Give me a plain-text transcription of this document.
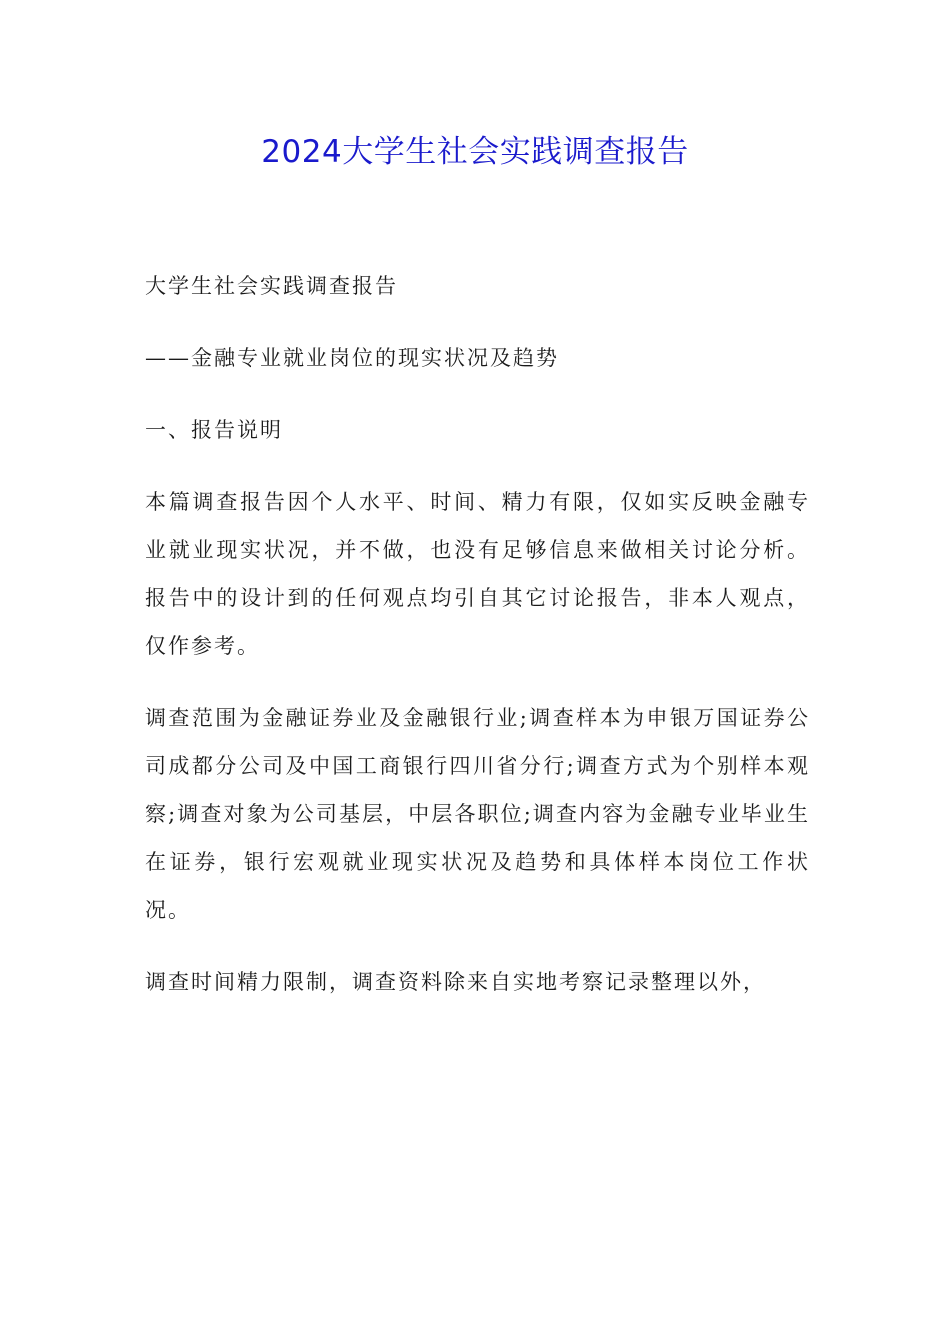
2024大学生社会实践调查报告

大学生社会实践调查报告

——金融专业就业岗位的现实状况及趋势

一、报告说明

本篇调查报告因个人水平、时间、精力有限，仅如实反映金融专业就业现实状况，并不做，也没有足够信息来做相关讨论分析。报告中的设计到的任何观点均引自其它讨论报告，非本人观点，仅作参考。

调查范围为金融证券业及金融银行业;调查样本为申银万国证券公司成都分公司及中国工商银行四川省分行;调查方式为个别样本观察;调查对象为公司基层，中层各职位;调查内容为金融专业毕业生在证券，银行宏观就业现实状况及趋势和具体样本岗位工作状况。

调查时间精力限制，调查资料除来自实地考察记录整理以外，
